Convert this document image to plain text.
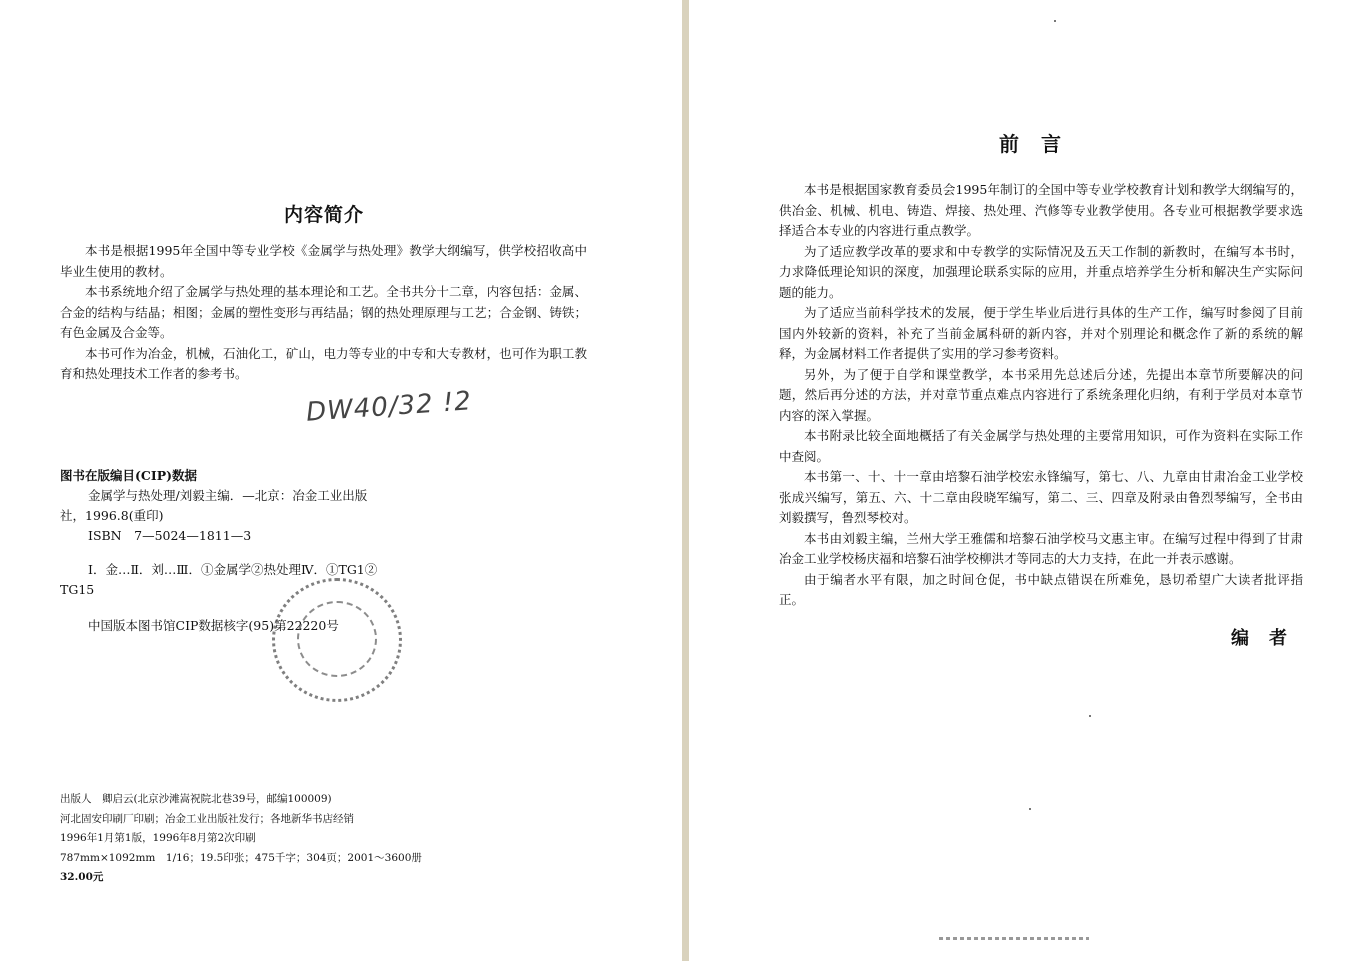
内容简介

本书是根据1995年全国中等专业学校《金属学与热处理》教学大纲编写，供学校招收高中毕业生使用的教材。

本书系统地介绍了金属学与热处理的基本理论和工艺。全书共分十二章，内容包括：金属、合金的结构与结晶；相图；金属的塑性变形与再结晶；钢的热处理原理与工艺；合金钢、铸铁；有色金属及合金等。

本书可作为冶金，机械，石油化工，矿山，电力等专业的中专和大专教材，也可作为职工教育和热处理技术工作者的参考书。

DW40/32 !2

图书在版编目(CIP)数据

金属学与热处理/刘毅主编．—北京：冶金工业出版

社，1996.8(重印)

ISBN　7—5024—1811—3

Ⅰ．金…Ⅱ．刘…Ⅲ．①金属学②热处理Ⅳ．①TG1②

TG15

中国版本图书馆CIP数据核字(95)第22220号

出版人　卿启云(北京沙滩嵩祝院北巷39号，邮编100009)

河北固安印刷厂印刷；冶金工业出版社发行；各地新华书店经销

1996年1月第1版，1996年8月第2次印刷

787mm×1092mm　1/16；19.5印张；475千字；304页；2001～3600册

32.00元

前　言

本书是根据国家教育委员会1995年制订的全国中等专业学校教育计划和教学大纲编写的，供冶金、机械、机电、铸造、焊接、热处理、汽修等专业教学使用。各专业可根据教学要求选择适合本专业的内容进行重点教学。

为了适应教学改革的要求和中专教学的实际情况及五天工作制的新教时，在编写本书时，力求降低理论知识的深度，加强理论联系实际的应用，并重点培养学生分析和解决生产实际问题的能力。

为了适应当前科学技术的发展，便于学生毕业后进行具体的生产工作，编写时参阅了目前国内外较新的资料，补充了当前金属科研的新内容，并对个别理论和概念作了新的系统的解释，为金属材料工作者提供了实用的学习参考资料。

另外，为了便于自学和课堂教学，本书采用先总述后分述，先提出本章节所要解决的问题，然后再分述的方法，并对章节重点难点内容进行了系统条理化归纳，有利于学员对本章节内容的深入掌握。

本书附录比较全面地概括了有关金属学与热处理的主要常用知识，可作为资料在实际工作中查阅。

本书第一、十、十一章由培黎石油学校宏永锋编写，第七、八、九章由甘肃冶金工业学校张成兴编写，第五、六、十二章由段晓军编写，第二、三、四章及附录由鲁烈琴编写，全书由刘毅撰写，鲁烈琴校对。

本书由刘毅主编，兰州大学王雅儒和培黎石油学校马文惠主审。在编写过程中得到了甘肃冶金工业学校杨庆福和培黎石油学校柳洪才等同志的大力支持，在此一并表示感谢。

由于编者水平有限，加之时间仓促，书中缺点错误在所难免，恳切希望广大读者批评指正。

编　者
